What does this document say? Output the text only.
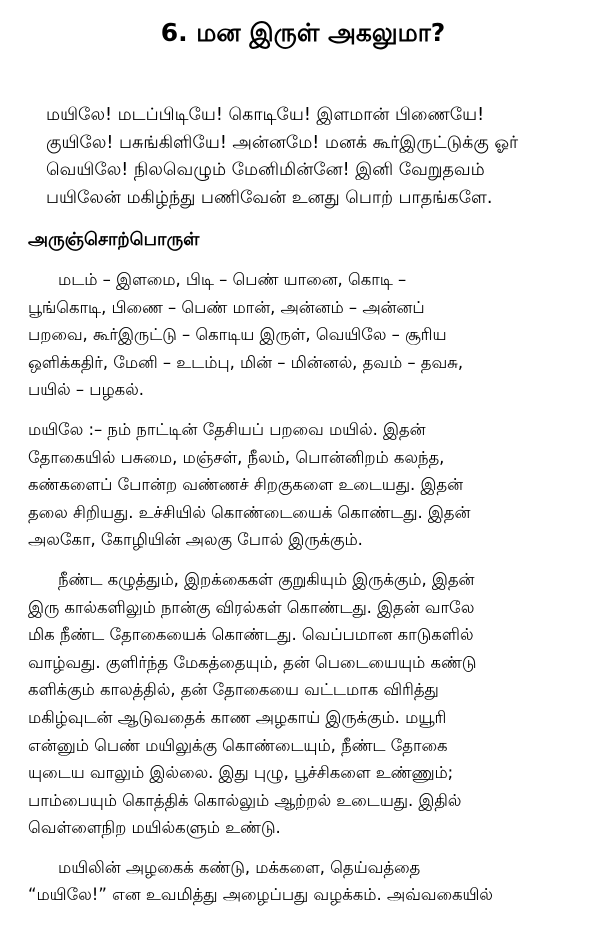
6. மன இருள் அகலுமா?
மயிலே! மடப்பிடியே! கொடியே! இளமான் பிணையே!
குயிலே! பசுங்கிளியே! அன்னமே! மனக் கூர்இருட்டுக்கு ஓர்
வெயிலே! நிலவெழும் மேனிமின்னே! இனி வேறுதவம்
பயிலேன் மகிழ்ந்து பணிவேன் உனது பொற் பாதங்களே.
அருஞ்சொற்பொருள்
மடம் – இளமை, பிடி – பெண் யானை, கொடி –
பூங்கொடி, பிணை – பெண் மான், அன்னம் – அன்னப்
பறவை, கூர்இருட்டு – கொடிய இருள், வெயிலே – சூரிய
ஒளிக்கதிர், மேனி – உடம்பு, மின் – மின்னல், தவம் – தவசு,
பயில் – பழகல்.
மயிலே :– நம் நாட்டின் தேசியப் பறவை மயில். இதன்
தோகையில் பசுமை, மஞ்சள், நீலம், பொன்னிறம் கலந்த,
கண்களைப் போன்ற வண்ணச் சிறகுகளை உடையது. இதன்
தலை சிறியது. உச்சியில் கொண்டையைக் கொண்டது. இதன்
அலகோ, கோழியின் அலகு போல் இருக்கும்.
நீண்ட கழுத்தும், இறக்கைகள் குறுகியும் இருக்கும், இதன்
இரு கால்களிலும் நான்கு விரல்கள் கொண்டது. இதன் வாலே
மிக நீண்ட தோகையைக் கொண்டது. வெப்பமான காடுகளில்
வாழ்வது. குளிர்ந்த மேகத்தையும், தன் பெடையையும் கண்டு
களிக்கும் காலத்தில், தன் தோகையை வட்டமாக விரித்து
மகிழ்வுடன் ஆடுவதைக் காண அழகாய் இருக்கும். மயூரி
என்னும் பெண் மயிலுக்கு கொண்டையும், நீண்ட தோகை
யுடைய வாலும் இல்லை. இது புழு, பூச்சிகளை உண்ணும்;
பாம்பையும் கொத்திக் கொல்லும் ஆற்றல் உடையது. இதில்
வெள்ளைநிற மயில்களும் உண்டு.
மயிலின் அழகைக் கண்டு, மக்களை, தெய்வத்தை
“மயிலே!” என உவமித்து அழைப்பது வழக்கம். அவ்வகையில்
